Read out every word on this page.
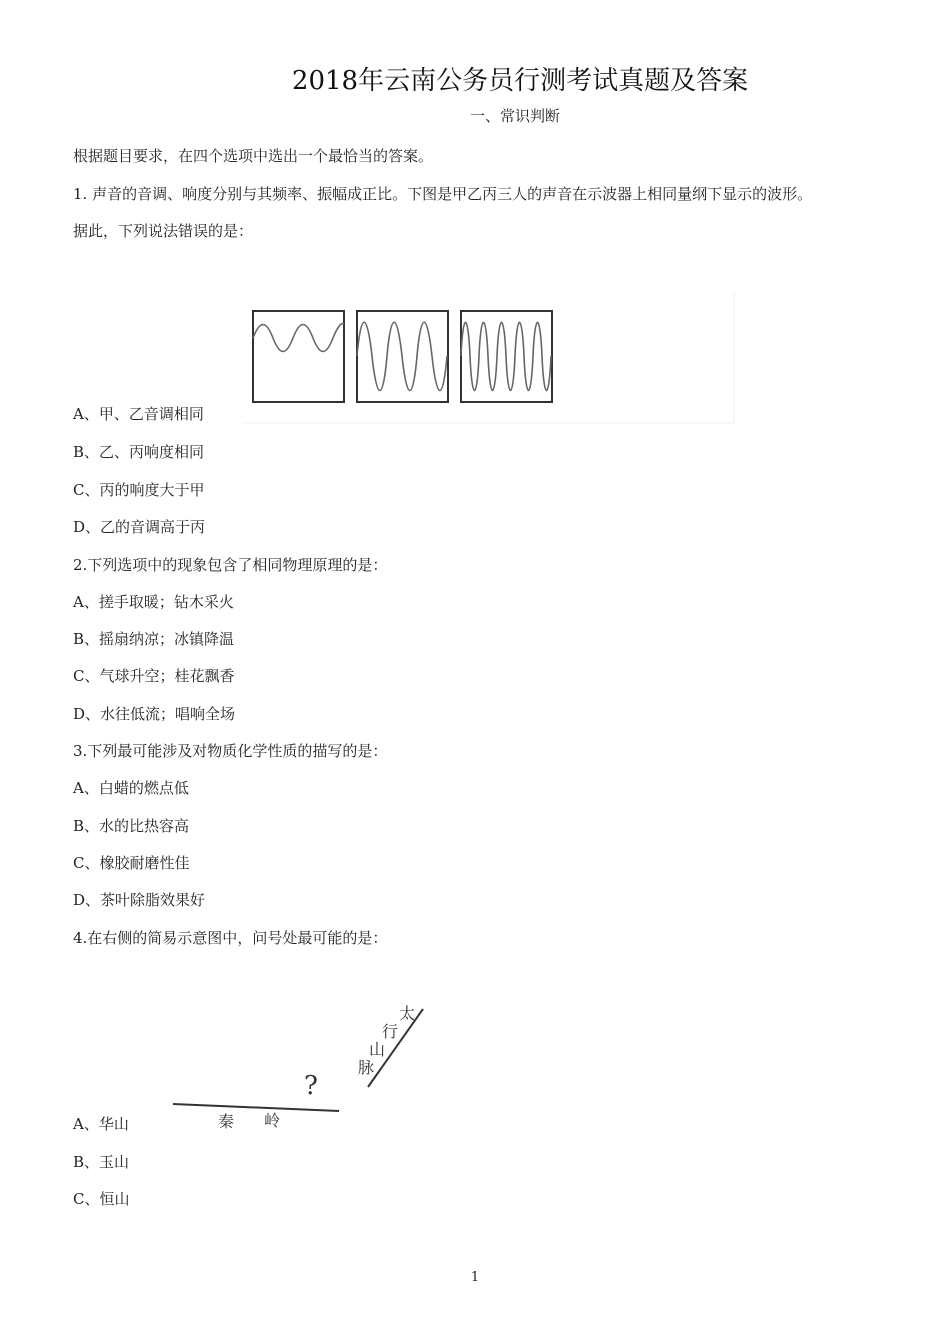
2018年云南公务员行测考试真题及答案
一、常识判断
根据题目要求，在四个选项中选出一个最恰当的答案。
1. 声音的音调、响度分别与其频率、振幅成正比。下图是甲乙丙三人的声音在示波器上相同量纲下显示的波形。
据此，下列说法错误的是：
A、甲、乙音调相同
B、乙、丙响度相同
C、丙的响度大于甲
D、乙的音调高于丙
2.下列选项中的现象包含了相同物理原理的是：
A、搓手取暖；钻木采火
B、摇扇纳凉；冰镇降温
C、气球升空；桂花飘香
D、水往低流；唱响全场
3.下列最可能涉及对物质化学性质的描写的是：
A、白蜡的燃点低
B、水的比热容高
C、橡胶耐磨性佳
D、茶叶除脂效果好
4.在右侧的简易示意图中，问号处最可能的是：
太
行
山
脉
?
秦 岭
A、华山
B、玉山
C、恒山
1
